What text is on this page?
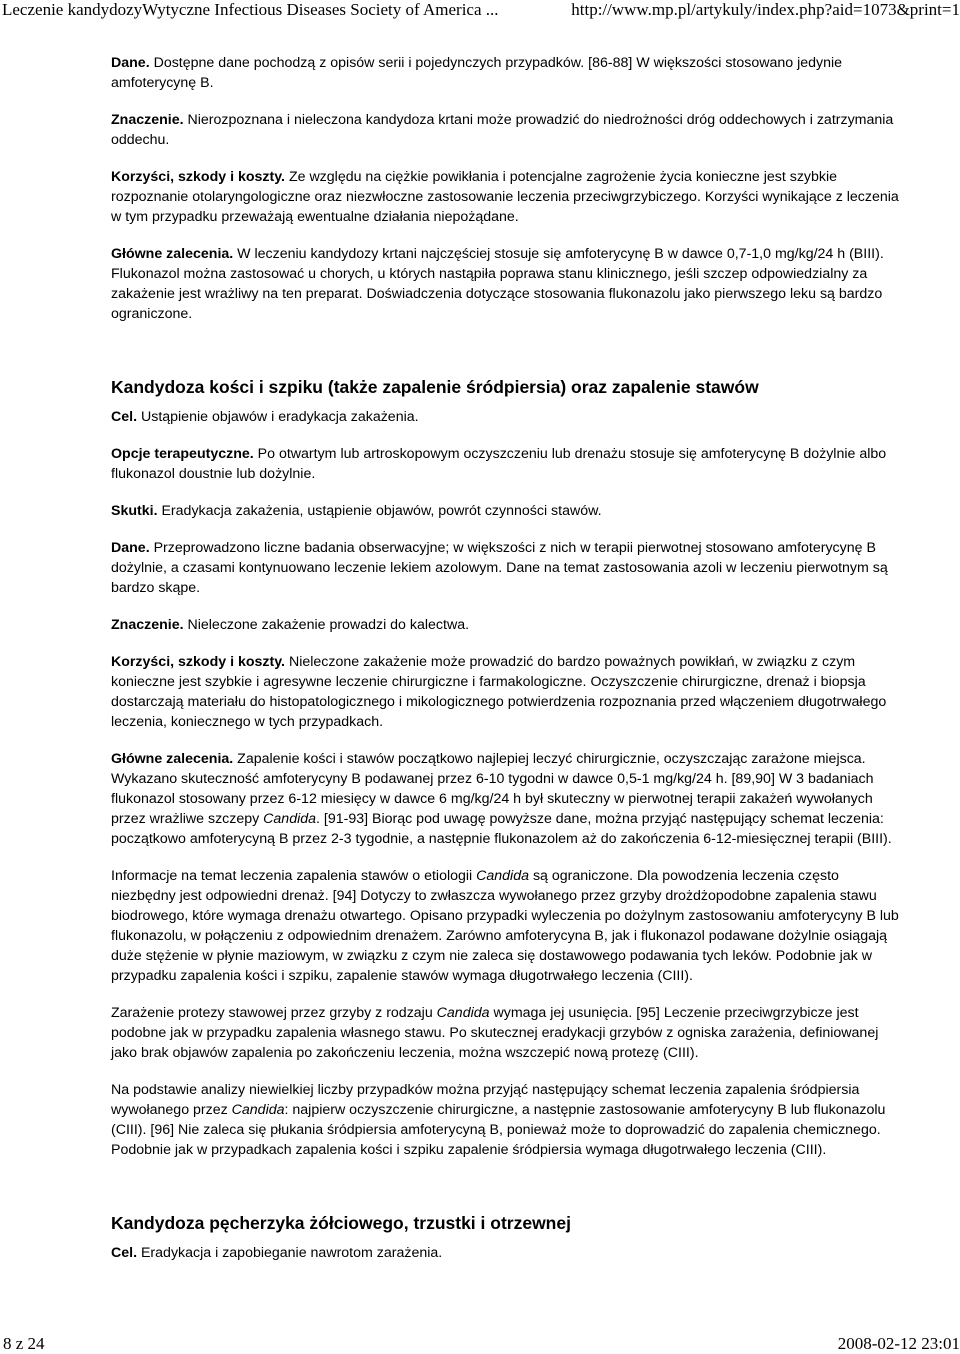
Leczenie kandydozyWytyczne Infectious Diseases Society of America ...	http://www.mp.pl/artykuly/index.php?aid=1073&print=1

Dane. Dostępne dane pochodzą z opisów serii i pojedynczych przypadków. [86-88] W większości stosowano jedynie amfoterycynę B.

Znaczenie. Nierozpoznana i nieleczona kandydoza krtani może prowadzić do niedrożności dróg oddechowych i zatrzymania oddechu.

Korzyści, szkody i koszty. Ze względu na ciężkie powikłania i potencjalne zagrożenie życia konieczne jest szybkie rozpoznanie otolaryngologiczne oraz niezwłoczne zastosowanie leczenia przeciwgrzybiczego. Korzyści wynikające z leczenia w tym przypadku przeważają ewentualne działania niepożądane.

Główne zalecenia. W leczeniu kandydozy krtani najczęściej stosuje się amfoterycynę B w dawce 0,7-1,0 mg/kg/24 h (BIII). Flukonazol można zastosować u chorych, u których nastąpiła poprawa stanu klinicznego, jeśli szczep odpowiedzialny za zakażenie jest wrażliwy na ten preparat. Doświadczenia dotyczące stosowania flukonazolu jako pierwszego leku są bardzo ograniczone.

Kandydoza kości i szpiku (także zapalenie śródpiersia) oraz zapalenie stawów

Cel. Ustąpienie objawów i eradykacja zakażenia.

Opcje terapeutyczne. Po otwartym lub artroskopowym oczyszczeniu lub drenażu stosuje się amfoterycynę B dożylnie albo flukonazol doustnie lub dożylnie.

Skutki. Eradykacja zakażenia, ustąpienie objawów, powrót czynności stawów.

Dane. Przeprowadzono liczne badania obserwacyjne; w większości z nich w terapii pierwotnej stosowano amfoterycynę B dożylnie, a czasami kontynuowano leczenie lekiem azolowym. Dane na temat zastosowania azoli w leczeniu pierwotnym są bardzo skąpe.

Znaczenie. Nieleczone zakażenie prowadzi do kalectwa.

Korzyści, szkody i koszty. Nieleczone zakażenie może prowadzić do bardzo poważnych powikłań, w związku z czym konieczne jest szybkie i agresywne leczenie chirurgiczne i farmakologiczne. Oczyszczenie chirurgiczne, drenaż i biopsja dostarczają materiału do histopatologicznego i mikologicznego potwierdzenia rozpoznania przed włączeniem długotrwałego leczenia, koniecznego w tych przypadkach.

Główne zalecenia. Zapalenie kości i stawów początkowo najlepiej leczyć chirurgicznie, oczyszczając zarażone miejsca. Wykazano skuteczność amfoterycyny B podawanej przez 6-10 tygodni w dawce 0,5-1 mg/kg/24 h. [89,90] W 3 badaniach flukonazol stosowany przez 6-12 miesięcy w dawce 6 mg/kg/24 h był skuteczny w pierwotnej terapii zakażeń wywołanych przez wrażliwe szczepy Candida. [91-93] Biorąc pod uwagę powyższe dane, można przyjąć następujący schemat leczenia: początkowo amfoterycyną B przez 2-3 tygodnie, a następnie flukonazolem aż do zakończenia 6-12-miesięcznej terapii (BIII).

Informacje na temat leczenia zapalenia stawów o etiologii Candida są ograniczone. Dla powodzenia leczenia często niezbędny jest odpowiedni drenaż. [94] Dotyczy to zwłaszcza wywołanego przez grzyby drożdżopodobne zapalenia stawu biodrowego, które wymaga drenażu otwartego. Opisano przypadki wyleczenia po dożylnym zastosowaniu amfoterycyny B lub flukonazolu, w połączeniu z odpowiednim drenażem. Zarówno amfoterycyna B, jak i flukonazol podawane dożylnie osiągają duże stężenie w płynie maziowym, w związku z czym nie zaleca się dostawowego podawania tych leków. Podobnie jak w przypadku zapalenia kości i szpiku, zapalenie stawów wymaga długotrwałego leczenia (CIII).

Zarażenie protezy stawowej przez grzyby z rodzaju Candida wymaga jej usunięcia. [95] Leczenie przeciwgrzybicze jest podobne jak w przypadku zapalenia własnego stawu. Po skutecznej eradykacji grzybów z ogniska zarażenia, definiowanej jako brak objawów zapalenia po zakończeniu leczenia, można wszczepić nową protezę (CIII).

Na podstawie analizy niewielkiej liczby przypadków można przyjąć następujący schemat leczenia zapalenia śródpiersia wywołanego przez Candida: najpierw oczyszczenie chirurgiczne, a następnie zastosowanie amfoterycyny B lub flukonazolu (CIII). [96] Nie zaleca się płukania śródpiersia amfoterycyną B, ponieważ może to doprowadzić do zapalenia chemicznego. Podobnie jak w przypadkach zapalenia kości i szpiku zapalenie śródpiersia wymaga długotrwałego leczenia (CIII).

Kandydoza pęcherzyka żółciowego, trzustki i otrzewnej

Cel. Eradykacja i zapobieganie nawrotom zarażenia.

8 z 24	2008-02-12 23:01
